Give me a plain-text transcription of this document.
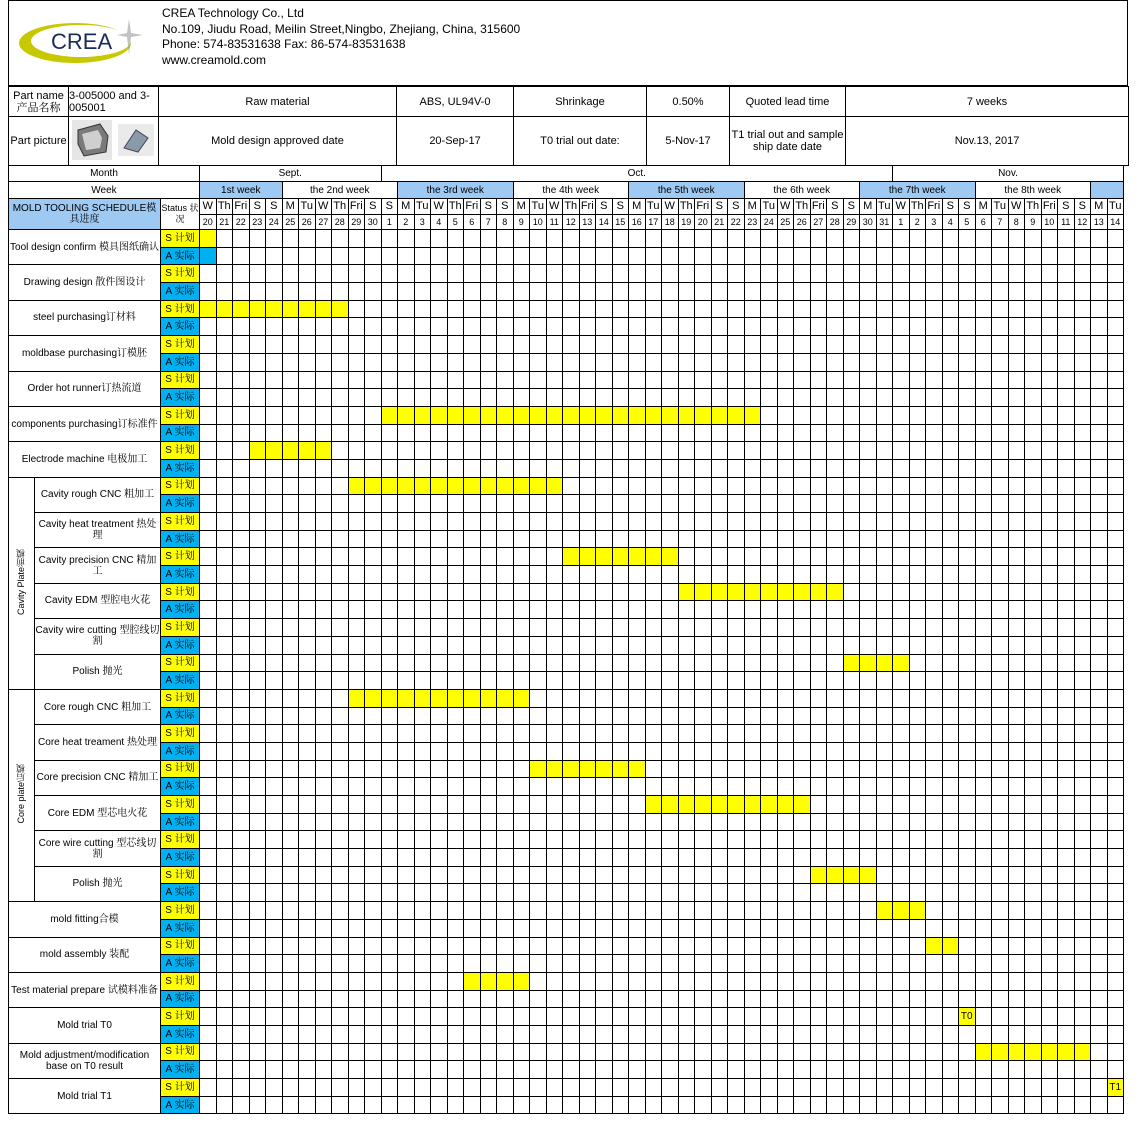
CREA
CREA Technology Co., Ltd
No.109, Jiudu Road, Meilin Street,Ningbo, Zhejiang, China, 315600
Phone: 574-83531638 Fax: 86-574-83531638
www.creamold.com
Part name 产品名称	3-005000 and 3-005001	Raw material	ABS, UL94V-0	Shrinkage	0.50%	Quoted lead time	7 weeks
Part picture		Mold design approved date	20-Sep-17	T0 trial out date:	5-Nov-17	T1 trial out and sample ship date date	Nov.13, 2017
Month			Sept.											Oct.																															Nov.													
Week			1st week					the 2nd week							the 3rd week							the 4th week							the 5th week							the 6th week							the 7th week							the 8th week								
MOLD TOOLING SCHEDULE模具进度		Status 状况	W	Th	Fri	S	S	M	Tu	W	Th	Fri	S	S	M	Tu	W	Th	Fri	S	S	M	Tu	W	Th	Fri	S	S	M	Tu	W	Th	Fri	S	S	M	Tu	W	Th	Fri	S	S	M	Tu	W	Th	Fri	S	S	M	Tu	W	Th	Fri	S	S	M	Tu
			20	21	22	23	24	25	26	27	28	29	30	1	2	3	4	5	6	7	8	9	10	11	12	13	14	15	16	17	18	19	20	21	22	23	24	25	26	27	28	29	30	31	1	2	3	4	5	6	7	8	9	10	11	12	13	14
Tool design confirm 模具图纸确认		S 计划																																																								
		A 实际																																																								
Drawing design 散件图设计		S 计划																																																								
		A 实际																																																								
steel purchasing订材料		S 计划																																																								
		A 实际																																																								
moldbase purchasing订模胚		S 计划																																																								
		A 实际																																																								
Order hot runner订热流道		S 计划																																																								
		A 实际																																																								
components purchasing订标准件		S 计划																																																								
		A 实际																																																								
Electrode machine 电极加工		S 计划																																																								
		A 实际																																																								
Cavity Plate前模	Cavity rough CNC 粗加工	S 计划																																																								
		A 实际																																																								
	Cavity heat treatment 热处理	S 计划																																																								
		A 实际																																																								
	Cavity precision CNC 精加工	S 计划																																																								
		A 实际																																																								
	Cavity EDM 型腔电火花	S 计划																																																								
		A 实际																																																								
	Cavity wire cutting 型腔线切割	S 计划																																																								
		A 实际																																																								
	Polish 抛光	S 计划																																																								
		A 实际																																																								
Core plate后模	Core rough CNC 粗加工	S 计划																																																								
		A 实际																																																								
	Core heat treament 热处理	S 计划																																																								
		A 实际																																																								
	Core precision CNC 精加工	S 计划																																																								
		A 实际																																																								
	Core EDM 型芯电火花	S 计划																																																								
		A 实际																																																								
	Core wire cutting 型芯线切割	S 计划																																																								
		A 实际																																																								
	Polish 抛光	S 计划																																																								
		A 实际																																																								
mold fitting合模		S 计划																																																								
		A 实际																																																								
mold assembly 装配		S 计划																																																								
		A 实际																																																								
Test material prepare 试模料准备		S 计划																																																								
		A 实际																																																								
Mold trial T0		S 计划																																															T0									
		A 实际																																																								
Mold adjustment/modification base on T0 result		S 计划																																																								
		A 实际																																																								
Mold trial T1		S 计划																																																								T1
		A 实际																																																								
